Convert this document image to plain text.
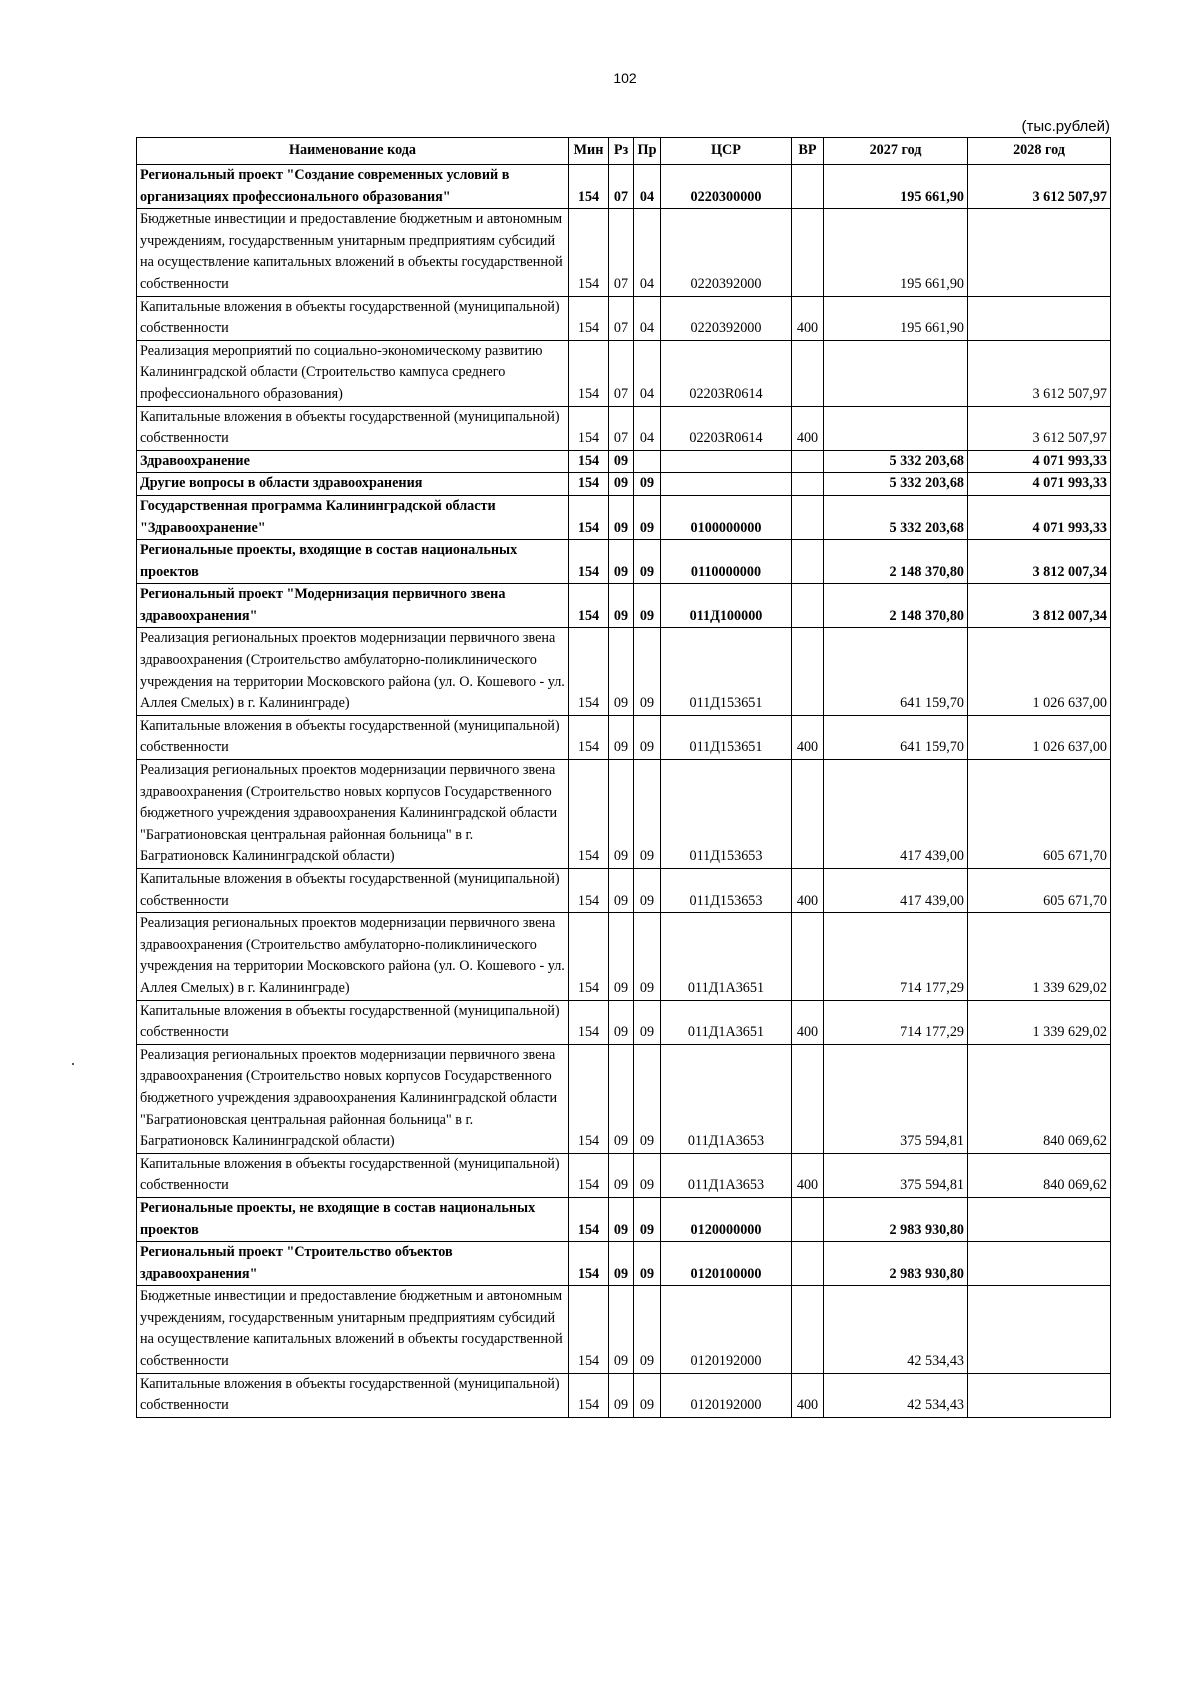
102
(тыс.рублей)
Наименование кода	Мин	Рз	Пр	ЦСР	ВР	2027 год	2028 год
Региональный проект "Создание современных условий в организациях профессионального образования"	154	07	04	0220300000		195 661,90	3 612 507,97
Бюджетные инвестиции и предоставление бюджетным и автономным учреждениям, государственным унитарным предприятиям субсидий на осуществление капитальных вложений в объекты государственной собственности	154	07	04	0220392000		195 661,90	
Капитальные вложения в объекты государственной (муниципальной) собственности	154	07	04	0220392000	400	195 661,90	
Реализация мероприятий по социально-экономическому развитию Калининградской области (Строительство кампуса среднего профессионального образования)	154	07	04	02203R0614			3 612 507,97
Капитальные вложения в объекты государственной (муниципальной) собственности	154	07	04	02203R0614	400		3 612 507,97
Здравоохранение	154	09				5 332 203,68	4 071 993,33
Другие вопросы в области здравоохранения	154	09	09			5 332 203,68	4 071 993,33
Государственная программа Калининградской области "Здравоохранение"	154	09	09	0100000000		5 332 203,68	4 071 993,33
Региональные проекты, входящие в состав национальных проектов	154	09	09	0110000000		2 148 370,80	3 812 007,34
Региональный проект "Модернизация первичного звена здравоохранения"	154	09	09	011Д100000		2 148 370,80	3 812 007,34
Реализация региональных проектов модернизации первичного звена здравоохранения (Строительство амбулаторно-поликлинического учреждения на территории Московского района (ул. О. Кошевого - ул. Аллея Смелых) в г. Калининграде)	154	09	09	011Д153651		641 159,70	1 026 637,00
Капитальные вложения в объекты государственной (муниципальной) собственности	154	09	09	011Д153651	400	641 159,70	1 026 637,00
Реализация региональных проектов модернизации первичного звена здравоохранения (Строительство новых корпусов Государственного бюджетного учреждения здравоохранения Калининградской области "Багратионовская центральная районная больница" в г. Багратионовск Калининградской области)	154	09	09	011Д153653		417 439,00	605 671,70
Капитальные вложения в объекты государственной (муниципальной) собственности	154	09	09	011Д153653	400	417 439,00	605 671,70
Реализация региональных проектов модернизации первичного звена здравоохранения (Строительство амбулаторно-поликлинического учреждения на территории Московского района (ул. О. Кошевого - ул. Аллея Смелых) в г. Калининграде)	154	09	09	011Д1А3651		714 177,29	1 339 629,02
Капитальные вложения в объекты государственной (муниципальной) собственности	154	09	09	011Д1А3651	400	714 177,29	1 339 629,02
Реализация региональных проектов модернизации первичного звена здравоохранения (Строительство новых корпусов Государственного бюджетного учреждения здравоохранения Калининградской области "Багратионовская центральная районная больница" в г. Багратионовск Калининградской области)	154	09	09	011Д1А3653		375 594,81	840 069,62
Капитальные вложения в объекты государственной (муниципальной) собственности	154	09	09	011Д1А3653	400	375 594,81	840 069,62
Региональные проекты, не входящие в состав национальных проектов	154	09	09	0120000000		2 983 930,80	
Региональный проект "Строительство объектов здравоохранения"	154	09	09	0120100000		2 983 930,80	
Бюджетные инвестиции и предоставление бюджетным и автономным учреждениям, государственным унитарным предприятиям субсидий на осуществление капитальных вложений в объекты государственной собственности	154	09	09	0120192000		42 534,43	
Капитальные вложения в объекты государственной (муниципальной) собственности	154	09	09	0120192000	400	42 534,43	
